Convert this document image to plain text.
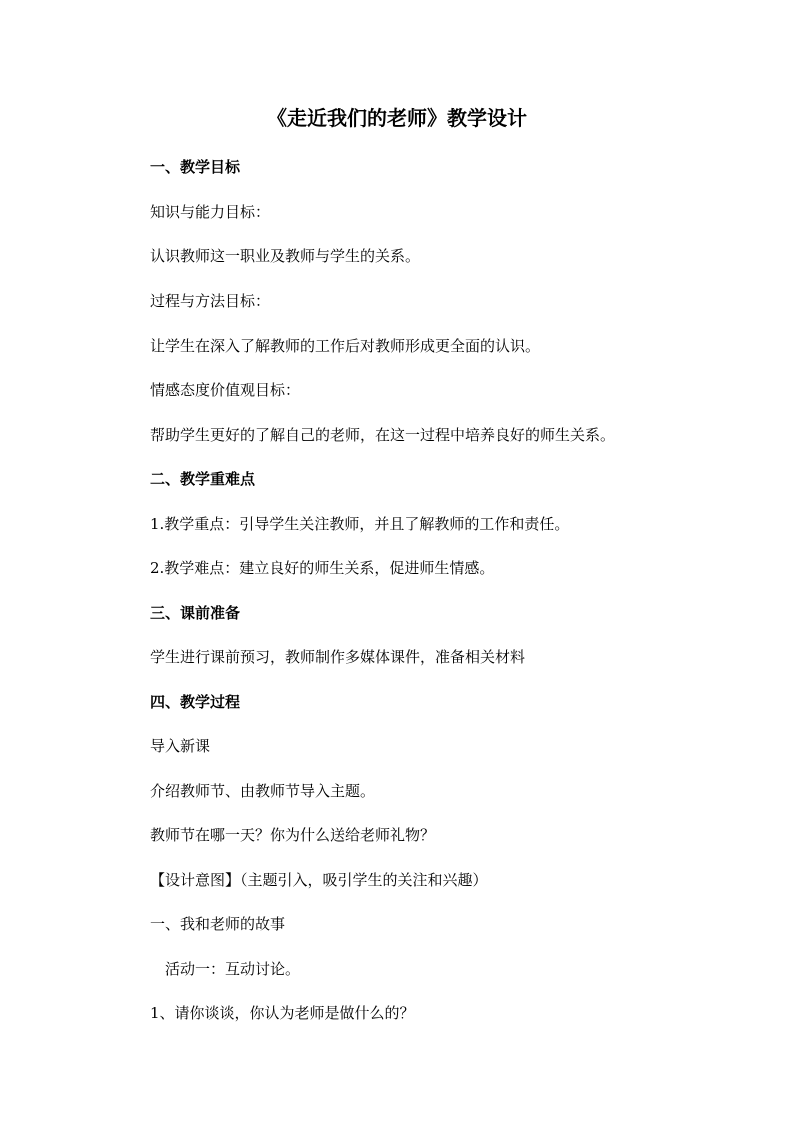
《走近我们的老师》教学设计
一、教学目标
知识与能力目标：
认识教师这一职业及教师与学生的关系。
过程与方法目标：
让学生在深入了解教师的工作后对教师形成更全面的认识。
情感态度价值观目标：
帮助学生更好的了解自己的老师，在这一过程中培养良好的师生关系。
二、教学重难点
1.教学重点：引导学生关注教师，并且了解教师的工作和责任。
2.教学难点：建立良好的师生关系，促进师生情感。
三、课前准备
学生进行课前预习，教师制作多媒体课件，准备相关材料
四、教学过程
导入新课
介绍教师节、由教师节导入主题。
教师节在哪一天？你为什么送给老师礼物？
【设计意图】（主题引入，吸引学生的关注和兴趣）
一、我和老师的故事
活动一：互动讨论。
1、请你谈谈，你认为老师是做什么的？
